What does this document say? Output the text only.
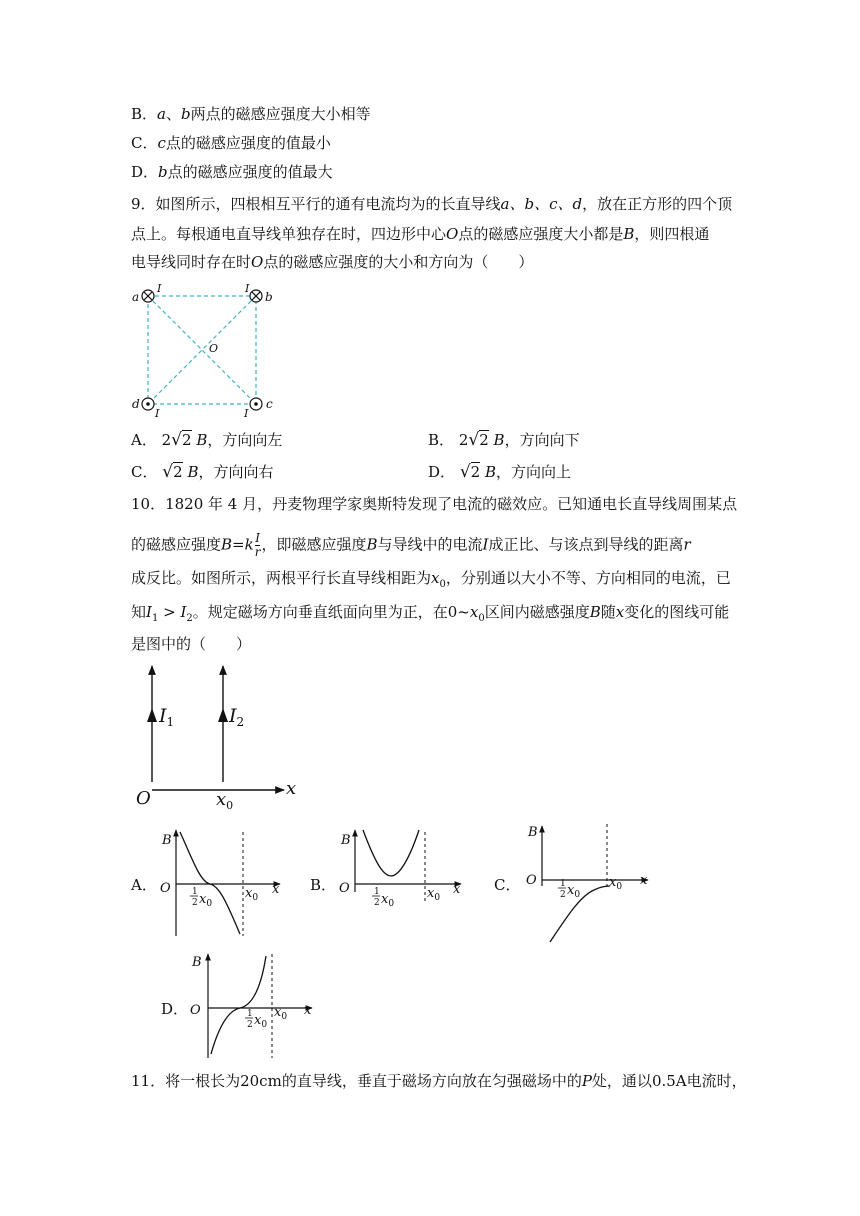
B．a、b两点的磁感应强度大小相等
C．c点的磁感应强度的值最小
D．b点的磁感应强度的值最大
9．如图所示，四根相互平行的通有电流均为的长直导线a、b、c、d，放在正方形的四个顶
点上。每根通电直导线单独存在时，四边形中心O点的磁感应强度大小都是B，则四根通
电导线同时存在时O点的磁感应强度的大小和方向为（　　）
a
I	I
b
O
d
I	I
c
A． 2√2 B，方向向左	B． 2√2 B，方向向下
C． √2 B，方向向右	D． √2 B，方向向上
10．1820 年 4 月，丹麦物理学家奥斯特发现了电流的磁效应。已知通电长直导线周围某点
的磁感应强度$B=k \frac{I}{r}$ ，即磁感应强度B与导线中的电流I成正比、与该点到导线的距离r
成反比。如图所示，两根平行长直导线相距为$x_0$，分别通以大小不等、方向相同的电流，已
知$I_1 > I_2$。规定磁场方向垂直纸面向里为正，在$0\sim x_0$区间内磁感强度B随x变化的图线可能
是图中的（　　）
$I_1$	$I_2$
O	$x_0$
x
A．
B
O	x
$x_0$
1
2 $x_0$
B．
B
O	x
$x_0$
1
2 $x_0$
C．
B
O	x
$x_0$
1
2 $x_0$
D．
B
O	x
$x_0$
1
2 $x_0$
11．将一根长为20cm的直导线，垂直于磁场方向放在匀强磁场中的P处，通以0.5A电流时，
